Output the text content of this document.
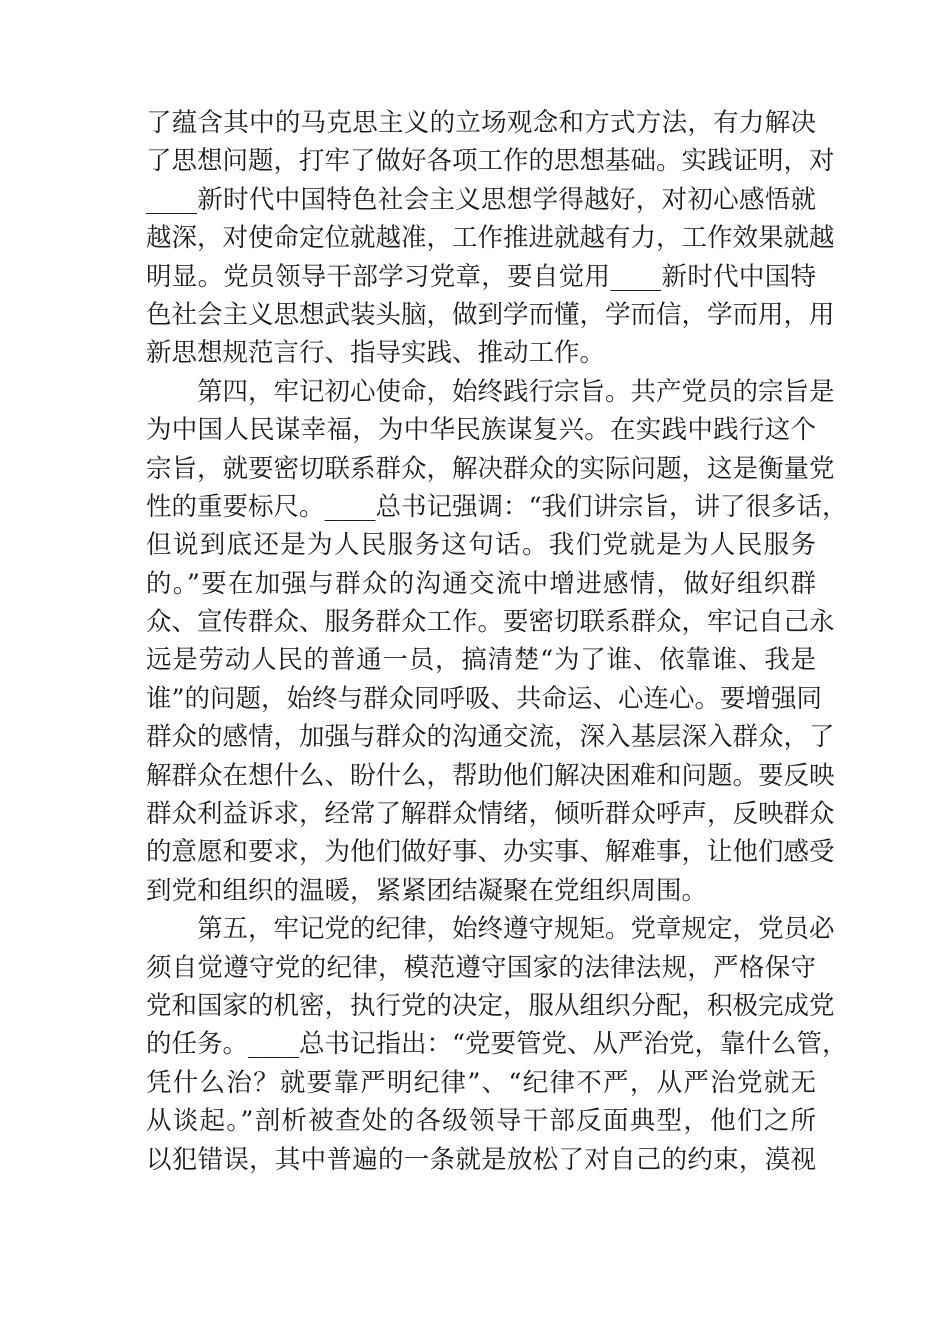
了蕴含其中的马克思主义的立场观念和方式方法，有力解决
了思想问题，打牢了做好各项工作的思想基础。实践证明，对
____新时代中国特色社会主义思想学得越好，对初心感悟就
越深，对使命定位就越准，工作推进就越有力，工作效果就越
明显。党员领导干部学习党章，要自觉用____新时代中国特
色社会主义思想武装头脑，做到学而懂，学而信，学而用，用
新思想规范言行、指导实践、推动工作。
　　第四，牢记初心使命，始终践行宗旨。共产党员的宗旨是
为中国人民谋幸福，为中华民族谋复兴。在实践中践行这个
宗旨，就要密切联系群众，解决群众的实际问题，这是衡量党
性的重要标尺。____总书记强调：“我们讲宗旨，讲了很多话，
但说到底还是为人民服务这句话。我们党就是为人民服务
的。”要在加强与群众的沟通交流中增进感情，做好组织群
众、宣传群众、服务群众工作。要密切联系群众，牢记自己永
远是劳动人民的普通一员，搞清楚“为了谁、依靠谁、我是
谁”的问题，始终与群众同呼吸、共命运、心连心。要增强同
群众的感情，加强与群众的沟通交流，深入基层深入群众，了
解群众在想什么、盼什么，帮助他们解决困难和问题。要反映
群众利益诉求，经常了解群众情绪，倾听群众呼声，反映群众
的意愿和要求，为他们做好事、办实事、解难事，让他们感受
到党和组织的温暖，紧紧团结凝聚在党组织周围。
　　第五，牢记党的纪律，始终遵守规矩。党章规定，党员必
须自觉遵守党的纪律，模范遵守国家的法律法规，严格保守
党和国家的机密，执行党的决定，服从组织分配，积极完成党
的任务。____总书记指出：“党要管党、从严治党，靠什么管，
凭什么治？就要靠严明纪律”、“纪律不严，从严治党就无
从谈起。”剖析被查处的各级领导干部反面典型，他们之所
以犯错误，其中普遍的一条就是放松了对自己的约束，漠视
